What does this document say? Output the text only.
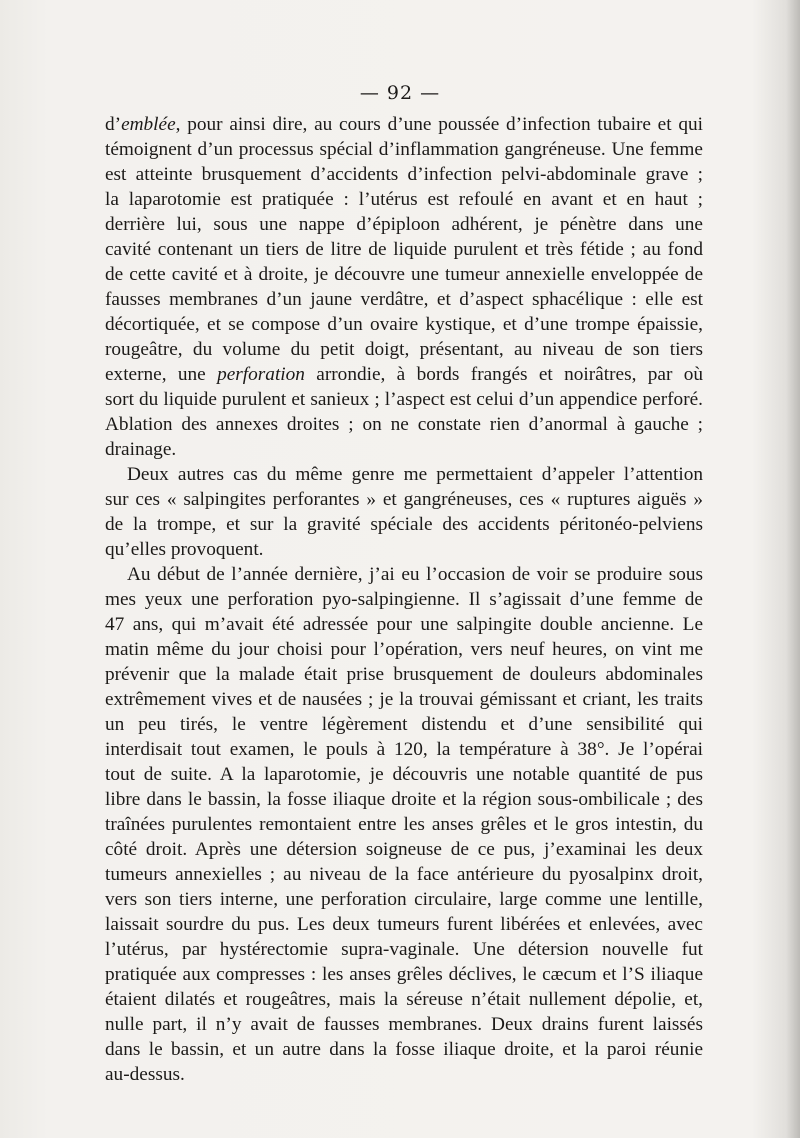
— 92 —
d’emblée, pour ainsi dire, au cours d’une poussée d’infection tubaire et qui
témoignent d’un processus spécial d’inflammation gangréneuse. Une femme
est atteinte brusquement d’accidents d’infection pelvi-abdominale grave ;
la laparotomie est pratiquée : l’utérus est refoulé en avant et en haut ;
derrière lui, sous une nappe d’épiploon adhérent, je pénètre dans une
cavité contenant un tiers de litre de liquide purulent et très fétide ; au fond
de cette cavité et à droite, je découvre une tumeur annexielle enveloppée de
fausses membranes d’un jaune verdâtre, et d’aspect sphacélique : elle est
décortiquée, et se compose d’un ovaire kystique, et d’une trompe épaissie,
rougeâtre, du volume du petit doigt, présentant, au niveau de son tiers
externe, une perforation arrondie, à bords frangés et noirâtres, par où
sort du liquide purulent et sanieux ; l’aspect est celui d’un appendice perforé.
Ablation des annexes droites ; on ne constate rien d’anormal à gauche ;
drainage.
Deux autres cas du même genre me permettaient d’appeler l’attention
sur ces « salpingites perforantes » et gangréneuses, ces « ruptures aiguës »
de la trompe, et sur la gravité spéciale des accidents péritonéo-pelviens
qu’elles provoquent.
Au début de l’année dernière, j’ai eu l’occasion de voir se produire sous
mes yeux une perforation pyo-salpingienne. Il s’agissait d’une femme de
47 ans, qui m’avait été adressée pour une salpingite double ancienne. Le
matin même du jour choisi pour l’opération, vers neuf heures, on vint me
prévenir que la malade était prise brusquement de douleurs abdominales
extrêmement vives et de nausées ; je la trouvai gémissant et criant, les traits
un peu tirés, le ventre légèrement distendu et d’une sensibilité qui
interdisait tout examen, le pouls à 120, la température à 38°. Je l’opérai
tout de suite. A la laparotomie, je découvris une notable quantité de pus
libre dans le bassin, la fosse iliaque droite et la région sous-ombilicale ; des
traînées purulentes remontaient entre les anses grêles et le gros intestin, du
côté droit. Après une détersion soigneuse de ce pus, j’examinai les deux
tumeurs annexielles ; au niveau de la face antérieure du pyosalpinx droit,
vers son tiers interne, une perforation circulaire, large comme une lentille,
laissait sourdre du pus. Les deux tumeurs furent libérées et enlevées, avec
l’utérus, par hystérectomie supra-vaginale. Une détersion nouvelle fut
pratiquée aux compresses : les anses grêles déclives, le cæcum et l’S iliaque
étaient dilatés et rougeâtres, mais la séreuse n’était nullement dépolie, et,
nulle part, il n’y avait de fausses membranes. Deux drains furent laissés
dans le bassin, et un autre dans la fosse iliaque droite, et la paroi réunie
au-dessus.
